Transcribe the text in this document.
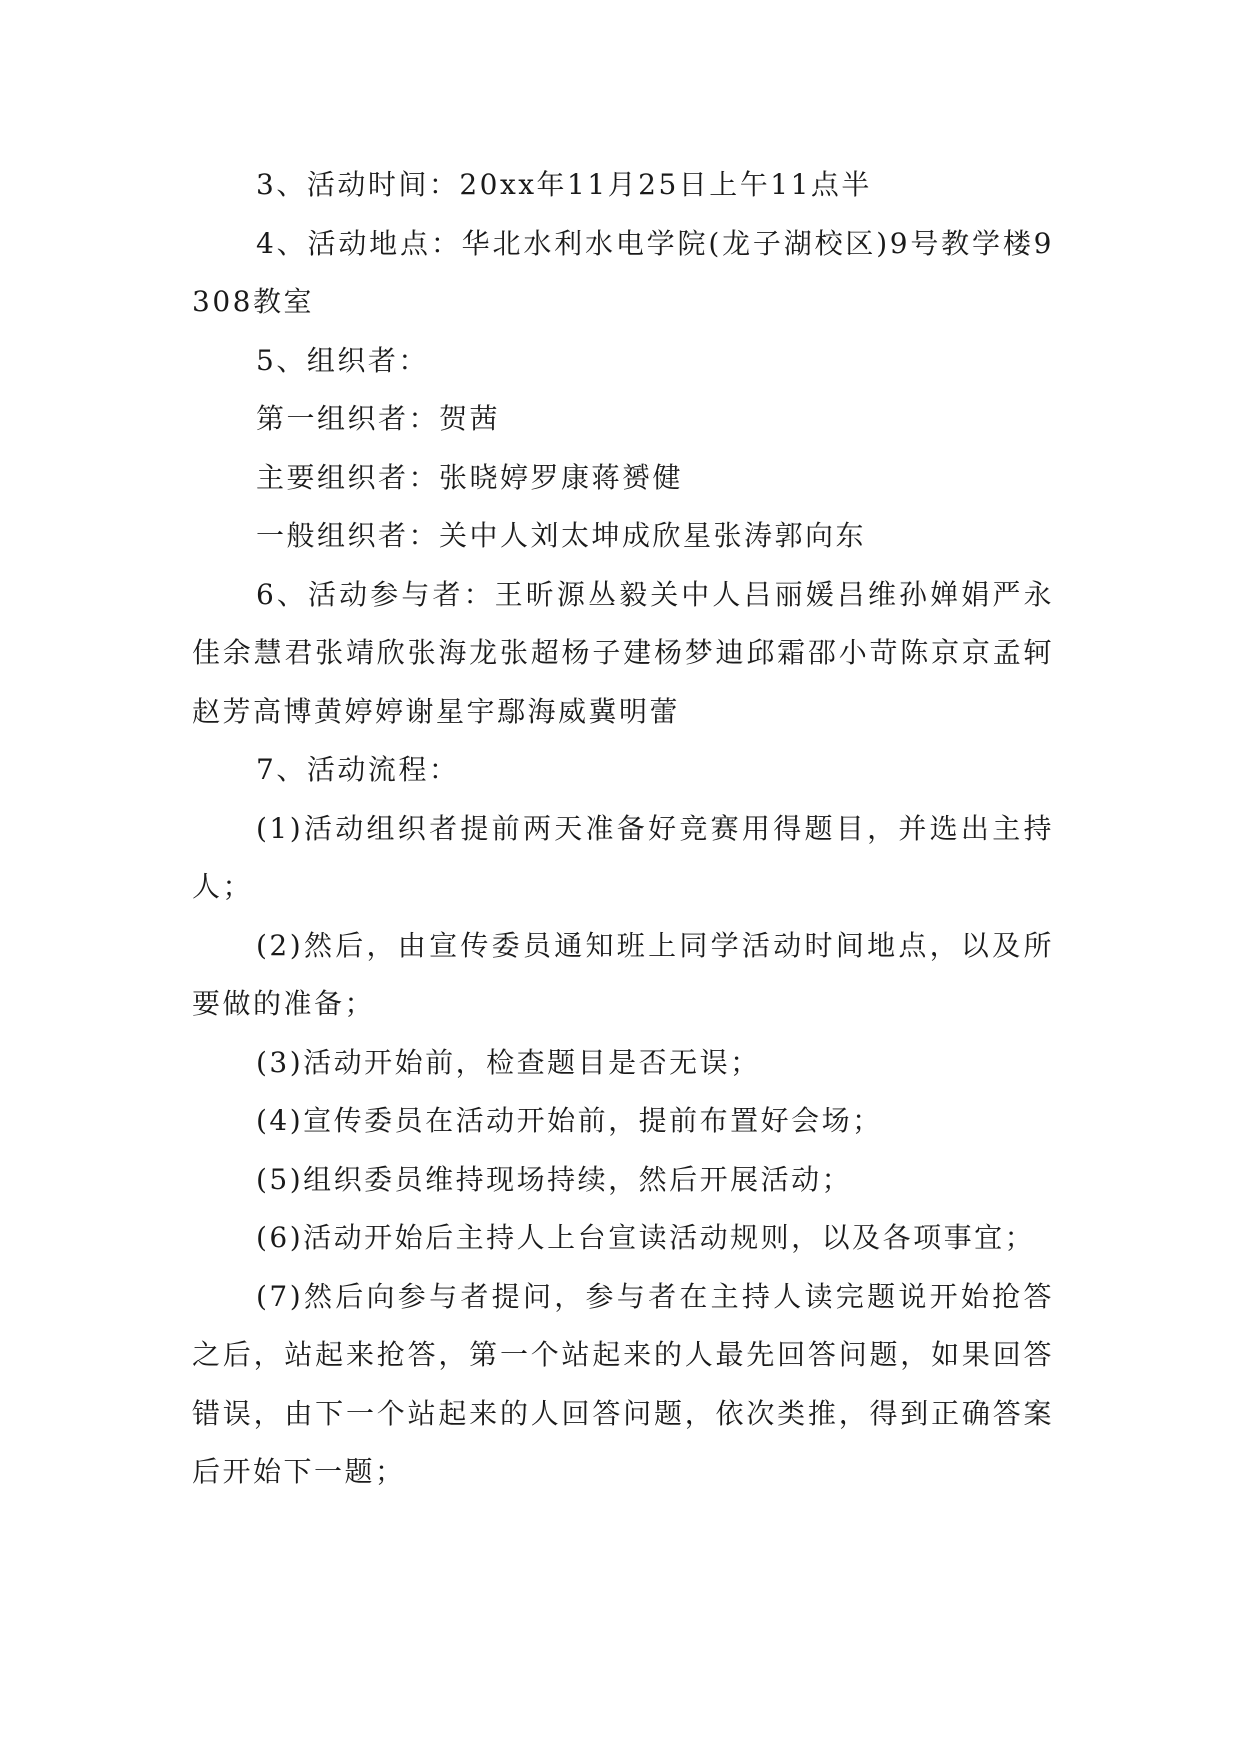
3、活动时间：20xx年11月25日上午11点半

4、活动地点：华北水利水电学院(龙子湖校区)9号教学楼9308教室

5、组织者：

第一组织者：贺茜

主要组织者：张晓婷罗康蒋赟健

一般组织者：关中人刘太坤成欣星张涛郭向东

6、活动参与者：王昕源丛毅关中人吕丽媛吕维孙婵娟严永佳余慧君张靖欣张海龙张超杨子建杨梦迪邱霜邵小苛陈京京孟轲赵芳高博黄婷婷谢星宇鄢海威冀明蕾

7、活动流程：

(1)活动组织者提前两天准备好竞赛用得题目，并选出主持人；

(2)然后，由宣传委员通知班上同学活动时间地点，以及所要做的准备；

(3)活动开始前，检查题目是否无误；

(4)宣传委员在活动开始前，提前布置好会场；

(5)组织委员维持现场持续，然后开展活动；

(6)活动开始后主持人上台宣读活动规则，以及各项事宜；

(7)然后向参与者提问，参与者在主持人读完题说开始抢答之后，站起来抢答，第一个站起来的人最先回答问题，如果回答错误，由下一个站起来的人回答问题，依次类推，得到正确答案后开始下一题；
